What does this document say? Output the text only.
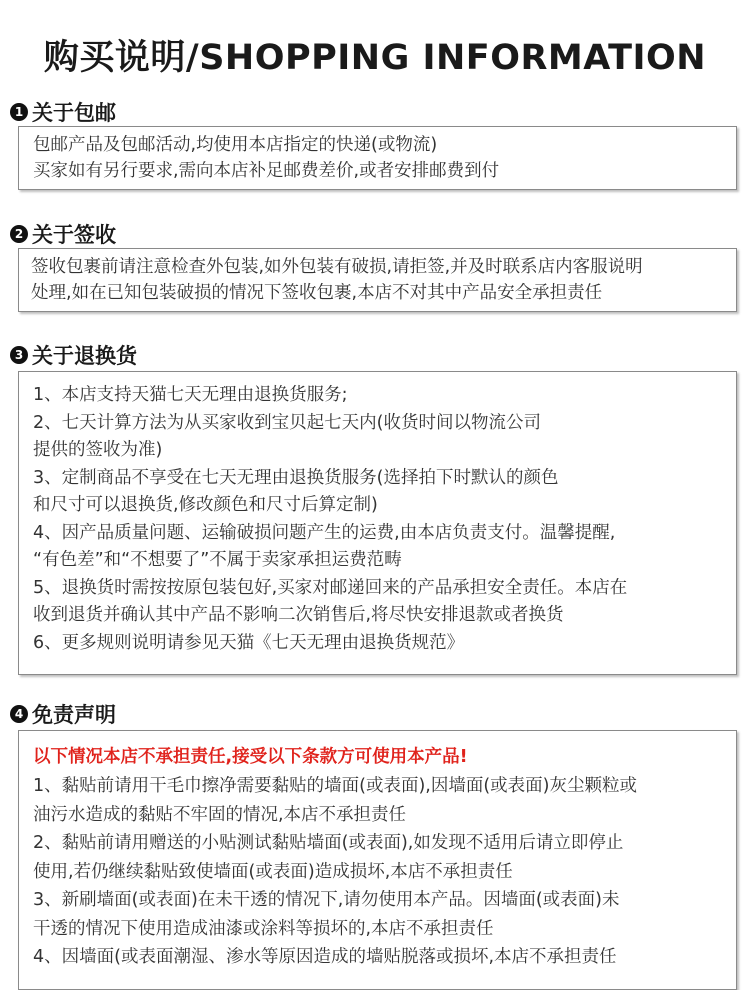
购买说明/SHOPPING INFORMATION
1 关于包邮
包邮产品及包邮活动,均使用本店指定的快递(或物流)
买家如有另行要求,需向本店补足邮费差价,或者安排邮费到付
2 关于签收
签收包裹前请注意检查外包装,如外包装有破损,请拒签,并及时联系店内客服说明
处理,如在已知包装破损的情况下签收包裹,本店不对其中产品安全承担责任
3 关于退换货
1、本店支持天猫七天无理由退换货服务;
2、七天计算方法为从买家收到宝贝起七天内(收货时间以物流公司
提供的签收为准)
3、定制商品不享受在七天无理由退换货服务(选择拍下时默认的颜色
和尺寸可以退换货,修改颜色和尺寸后算定制)
4、因产品质量问题、运输破损问题产生的运费,由本店负责支付。温馨提醒,
“有色差”和“不想要了”不属于卖家承担运费范畴
5、退换货时需按按原包装包好,买家对邮递回来的产品承担安全责任。本店在
收到退货并确认其中产品不影响二次销售后,将尽快安排退款或者换货
6、更多规则说明请参见天猫《七天无理由退换货规范》
4 免责声明
以下情况本店不承担责任,接受以下条款方可使用本产品!
1、黏贴前请用干毛巾擦净需要黏贴的墙面(或表面),因墙面(或表面)灰尘颗粒或
油污水造成的黏贴不牢固的情况,本店不承担责任
2、黏贴前请用赠送的小贴测试黏贴墙面(或表面),如发现不适用后请立即停止
使用,若仍继续黏贴致使墙面(或表面)造成损坏,本店不承担责任
3、新刷墙面(或表面)在未干透的情况下,请勿使用本产品。因墙面(或表面)未
干透的情况下使用造成油漆或涂料等损坏的,本店不承担责任
4、因墙面(或表面潮湿、渗水等原因造成的墙贴脱落或损坏,本店不承担责任
